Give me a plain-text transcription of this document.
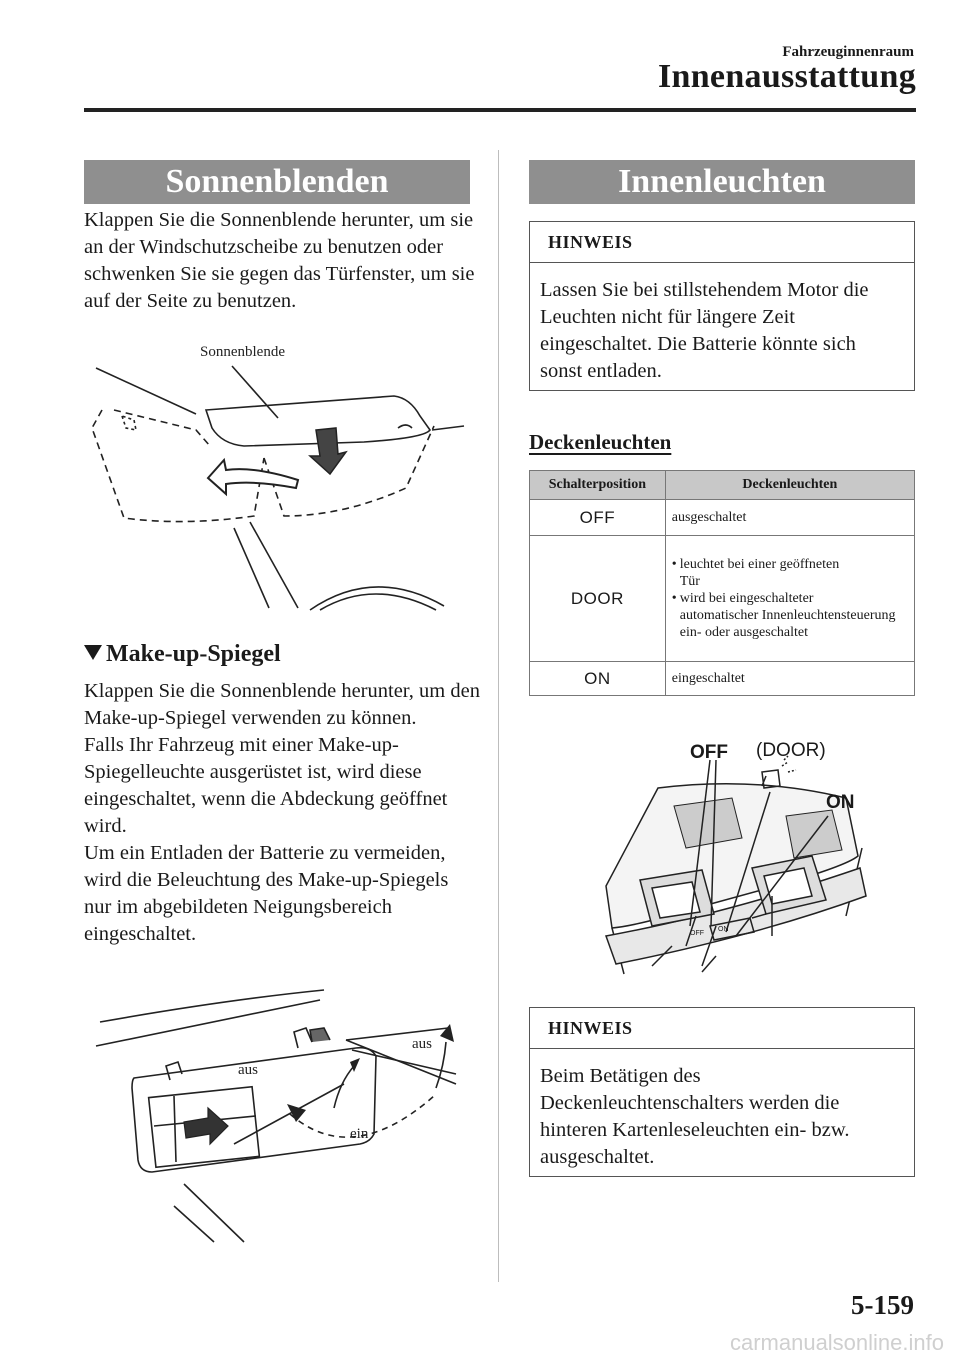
Fahrzeuginnenraum
Innenausstattung
Sonnenblenden
Klappen Sie die Sonnenblende herunter, um sie an der Windschutzscheibe zu benutzen oder schwenken Sie sie gegen das Türfenster, um sie auf der Seite zu benutzen.
Sonnenblende
Make-up-Spiegel
Klappen Sie die Sonnenblende herunter, um den Make-up-Spiegel verwenden zu können.
Falls Ihr Fahrzeug mit einer Make-up-Spiegelleuchte ausgerüstet ist, wird diese eingeschaltet, wenn die Abdeckung geöffnet wird.
Um ein Entladen der Batterie zu vermeiden, wird die Beleuchtung des Make-up-Spiegels nur im abgebildeten Neigungsbereich eingeschaltet.
aus
aus
ein
Innenleuchten
HINWEIS
Lassen Sie bei stillstehendem Motor die Leuchten nicht für längere Zeit eingeschaltet. Die Batterie könnte sich sonst entladen.
Deckenleuchten
Schalterposition	Deckenleuchten
OFF	ausgeschaltet
DOOR	• leuchtet bei einer geöffneten
Tür
• wird bei eingeschalteter
automatischer Innenleuchtensteuerung ein- oder ausgeschaltet

ON	eingeschaltet
OFF (DOOR)
ON
OFF
ON
HINWEIS
Beim Betätigen des Deckenleuchtenschalters werden die hinteren Kartenleseleuchten ein- bzw. ausgeschaltet.
5-159
carmanualsonline.info
